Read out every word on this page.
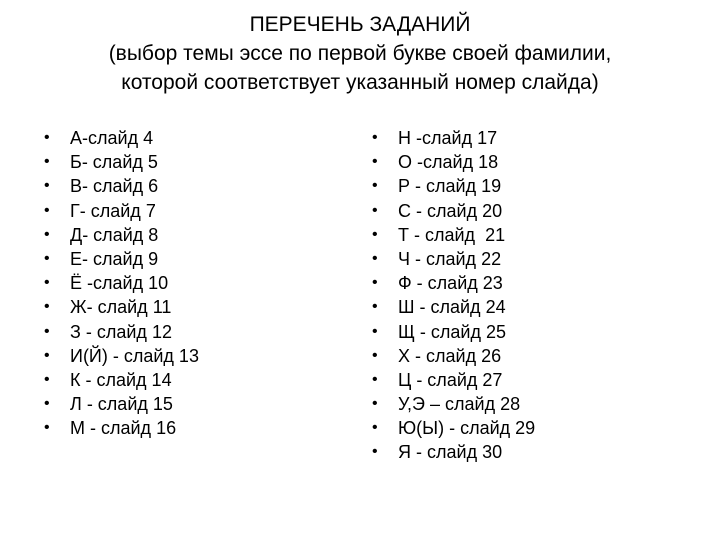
ПЕРЕЧЕНЬ ЗАДАНИЙ
(выбор темы эссе по первой букве своей фамилии,
которой соответствует указанный номер слайда)
• А-слайд 4
• Б- слайд 5
• В- слайд 6
• Г- слайд 7
• Д- слайд 8
• Е- слайд 9
• Ё -слайд 10
• Ж- слайд 11
• З - слайд 12
• И(Й) - слайд 13
• К - слайд 14
• Л - слайд 15
• М - слайд 16
• Н -слайд 17
• О -слайд 18
• Р - слайд 19
• С - слайд 20
• Т - слайд  21
• Ч - слайд 22
• Ф - слайд 23
• Ш - слайд 24
• Щ - слайд 25
• Х - слайд 26
• Ц - слайд 27
• У,Э – слайд 28
• Ю(Ы) - слайд 29
• Я - слайд 30
